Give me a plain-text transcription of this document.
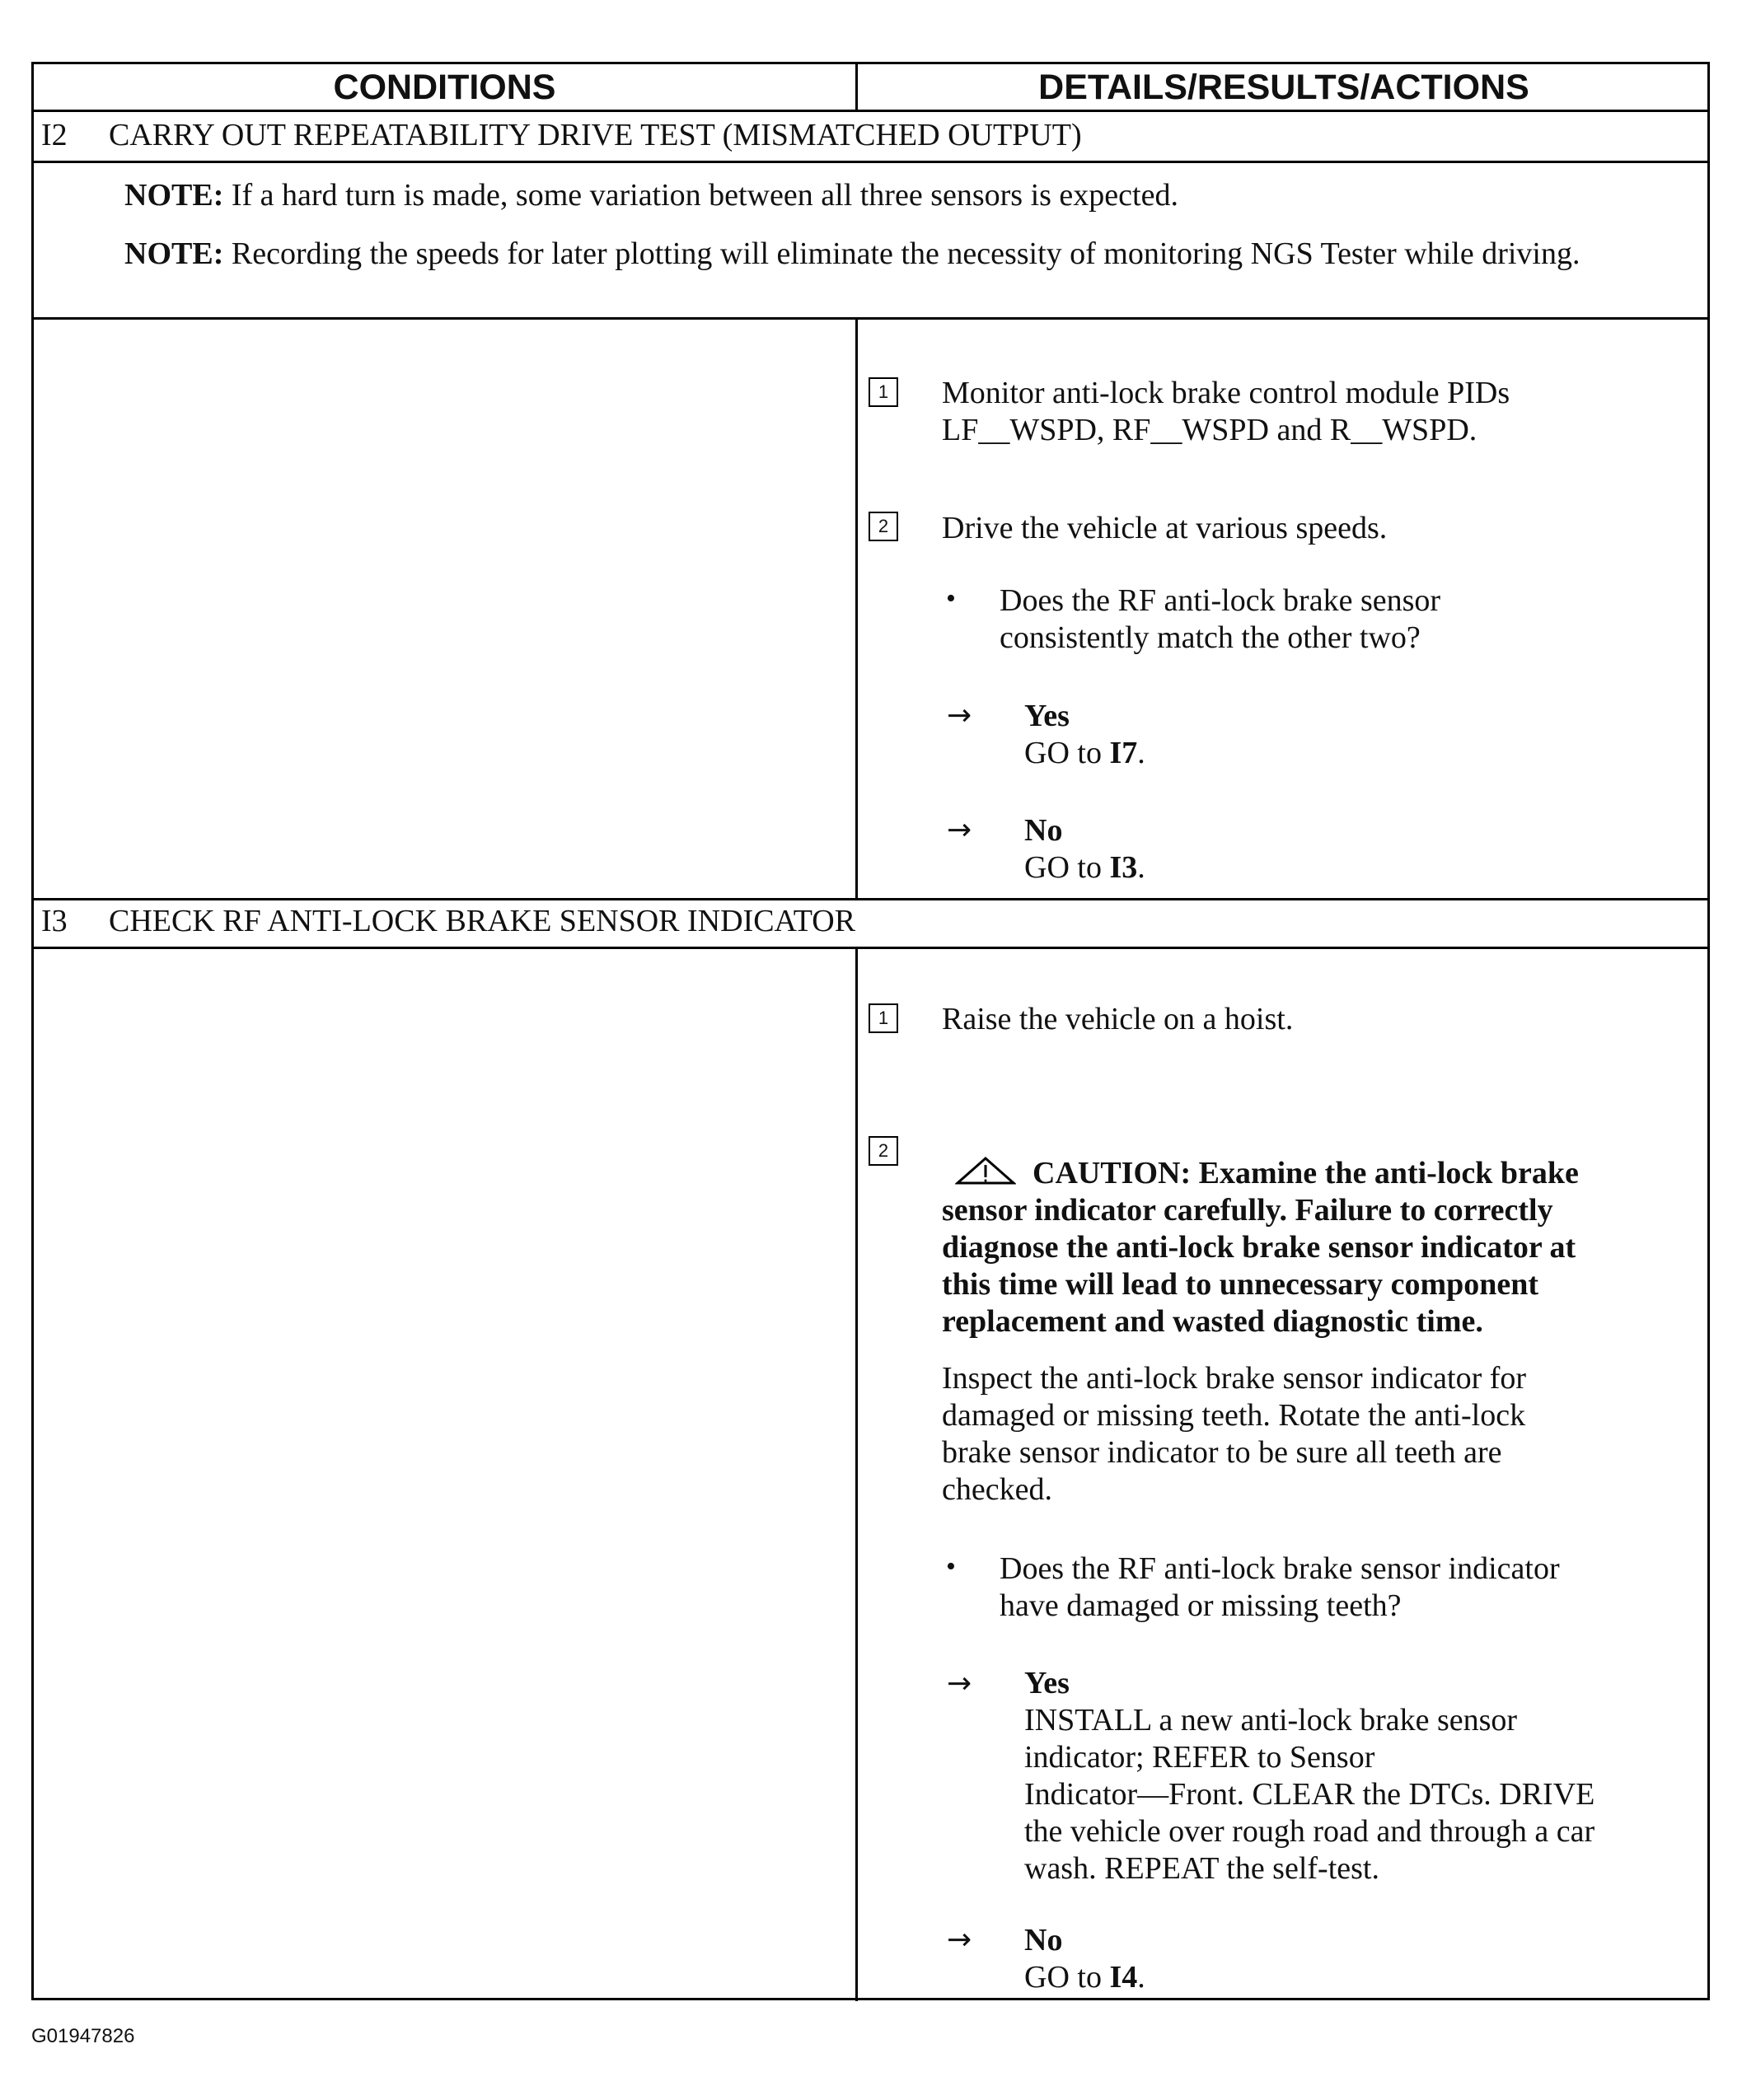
CONDITIONS	DETAILS/RESULTS/ACTIONS
I2 CARRY OUT REPEATABILITY DRIVE TEST (MISMATCHED OUTPUT)
NOTE: If a hard turn is made, some variation between all three sensors is expected.
NOTE: Recording the speeds for later plotting will eliminate the necessity of monitoring NGS Tester while driving.
1	Monitor anti-lock brake control module PIDs
LF__WSPD, RF__WSPD and R__WSPD.
2	Drive the vehicle at various speeds.
• Does the RF anti-lock brake sensor
consistently match the other two?
→ Yes
GO to I7.
→ No
GO to I3.
I3 CHECK RF ANTI-LOCK BRAKE SENSOR INDICATOR
1	Raise the vehicle on a hoist.
2
CAUTION: Examine the anti-lock brake
sensor indicator carefully. Failure to correctly
diagnose the anti-lock brake sensor indicator at
this time will lead to unnecessary component
replacement and wasted diagnostic time.
Inspect the anti-lock brake sensor indicator for
damaged or missing teeth. Rotate the anti-lock
brake sensor indicator to be sure all teeth are
checked.
• Does the RF anti-lock brake sensor indicator
have damaged or missing teeth?
→ Yes
INSTALL a new anti-lock brake sensor
indicator; REFER to Sensor
Indicator—Front. CLEAR the DTCs. DRIVE
the vehicle over rough road and through a car
wash. REPEAT the self-test.
→ No
GO to I4.
G01947826
